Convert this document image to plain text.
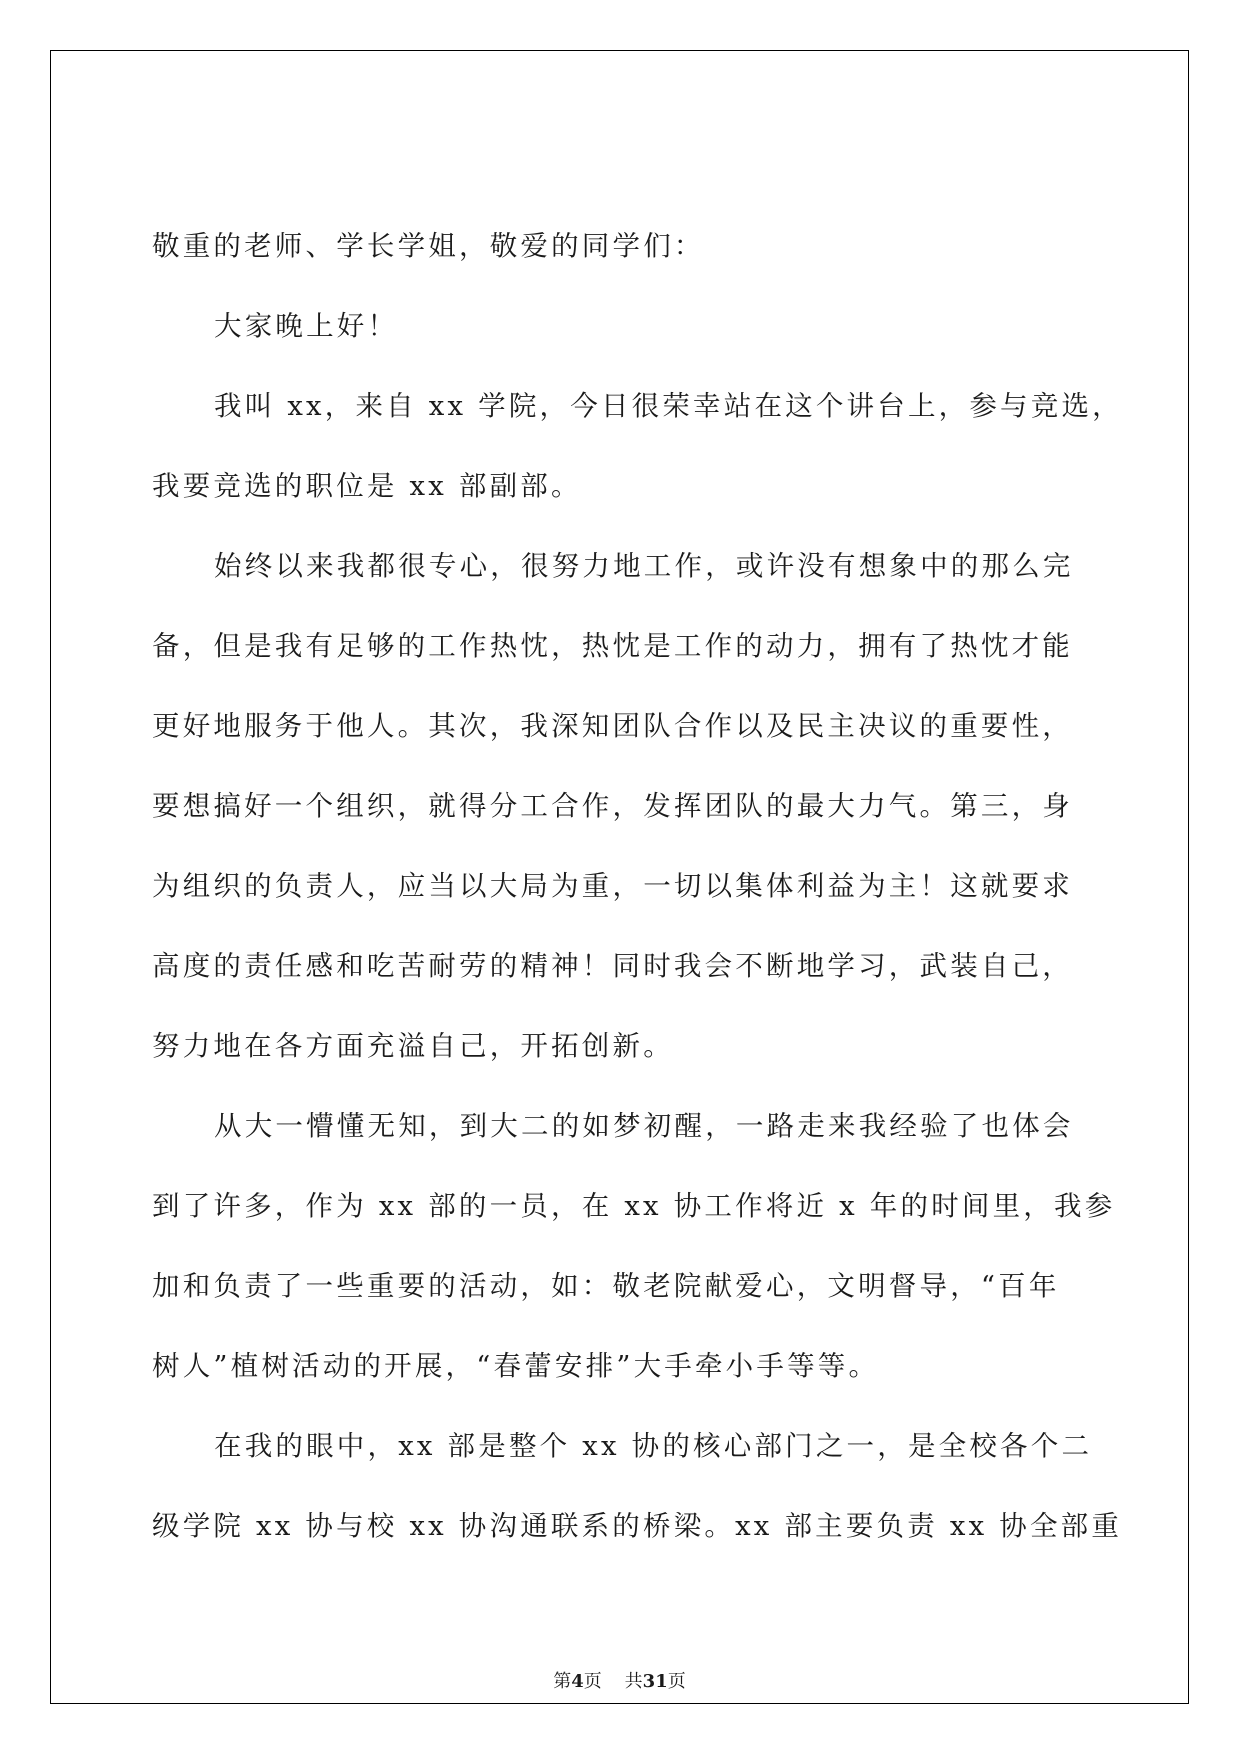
敬重的老师、学长学姐，敬爱的同学们：

大家晚上好！

我叫 xx，来自 xx 学院，今日很荣幸站在这个讲台上，参与竞选，
我要竞选的职位是 xx 部副部。

始终以来我都很专心，很努力地工作，或许没有想象中的那么完
备，但是我有足够的工作热忱，热忱是工作的动力，拥有了热忱才能
更好地服务于他人。其次，我深知团队合作以及民主决议的重要性，
要想搞好一个组织，就得分工合作，发挥团队的最大力气。第三，身
为组织的负责人，应当以大局为重，一切以集体利益为主！这就要求
高度的责任感和吃苦耐劳的精神！同时我会不断地学习，武装自己，
努力地在各方面充溢自己，开拓创新。

从大一懵懂无知，到大二的如梦初醒，一路走来我经验了也体会
到了许多，作为 xx 部的一员，在 xx 协工作将近 x 年的时间里，我参
加和负责了一些重要的活动，如：敬老院献爱心，文明督导，“百年
树人”植树活动的开展，“春蕾安排”大手牵小手等等。

在我的眼中，xx 部是整个 xx 协的核心部门之一，是全校各个二
级学院 xx 协与校 xx 协沟通联系的桥梁。xx 部主要负责 xx 协全部重

第4页 共31页
